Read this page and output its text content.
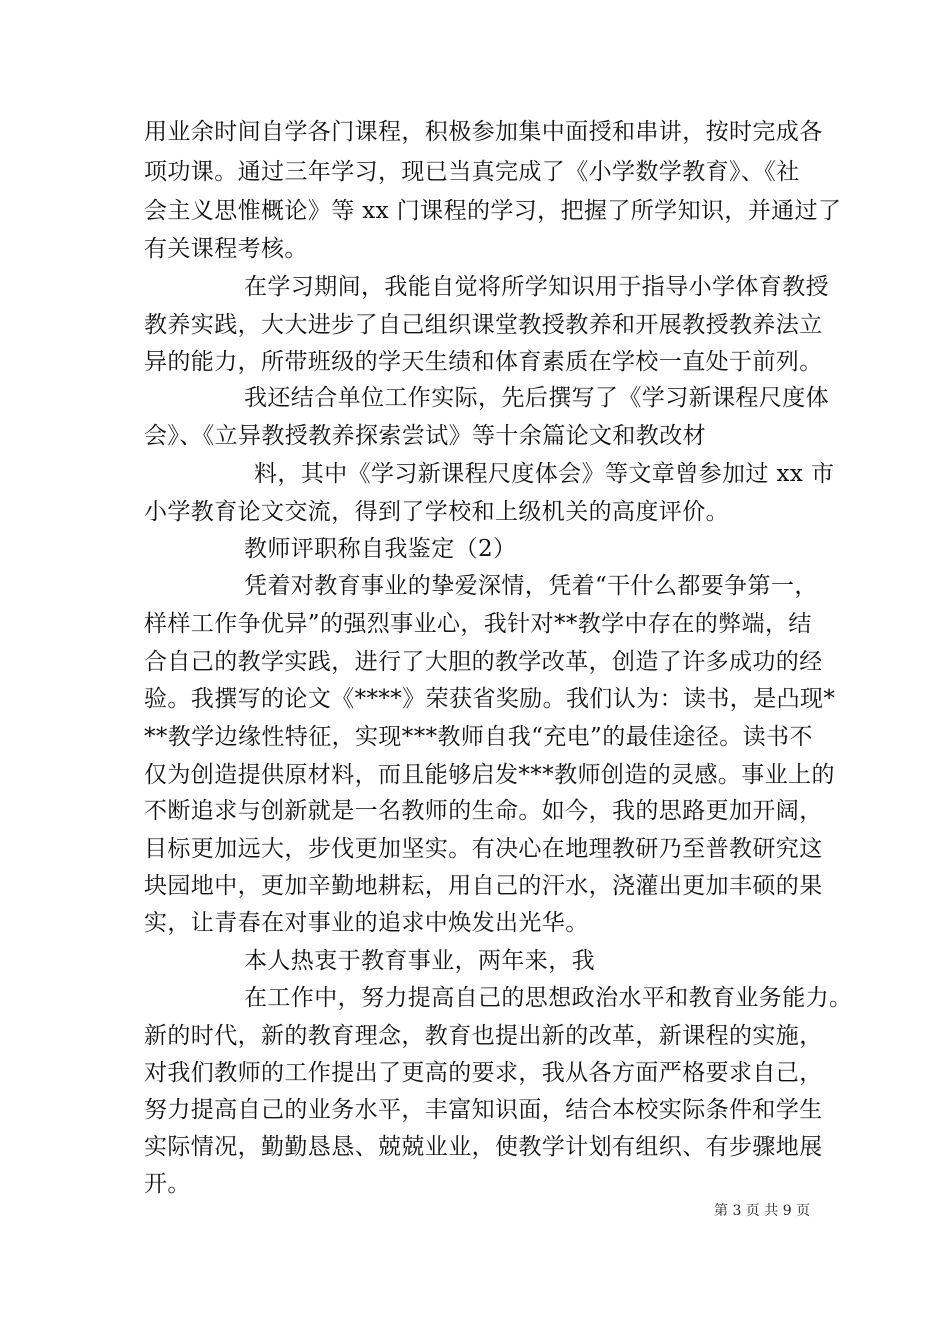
用业余时间自学各门课程，积极参加集中面授和串讲，按时完成各
项功课。通过三年学习，现已当真完成了《小学数学教育》、《社
会主义思惟概论》等 xx 门课程的学习，把握了所学知识，并通过了
有关课程考核。
在学习期间，我能自觉将所学知识用于指导小学体育教授
教养实践，大大进步了自己组织课堂教授教养和开展教授教养法立
异的能力，所带班级的学天生绩和体育素质在学校一直处于前列。
我还结合单位工作实际，先后撰写了《学习新课程尺度体
会》、《立异教授教养探索尝试》等十余篇论文和教改材
料，其中《学习新课程尺度体会》等文章曾参加过 xx 市
小学教育论文交流，得到了学校和上级机关的高度评价。
教师评职称自我鉴定（2）
凭着对教育事业的挚爱深情，凭着“干什么都要争第一，
样样工作争优异”的强烈事业心，我针对**教学中存在的弊端，结
合自己的教学实践，进行了大胆的教学改革，创造了许多成功的经
验。我撰写的论文《****》荣获省奖励。我们认为：读书，是凸现*
**教学边缘性特征，实现***教师自我“充电”的最佳途径。读书不
仅为创造提供原材料，而且能够启发***教师创造的灵感。事业上的
不断追求与创新就是一名教师的生命。如今，我的思路更加开阔，
目标更加远大，步伐更加坚实。有决心在地理教研乃至普教研究这
块园地中，更加辛勤地耕耘，用自己的汗水，浇灌出更加丰硕的果
实，让青春在对事业的追求中焕发出光华。
本人热衷于教育事业，两年来，我
在工作中，努力提高自己的思想政治水平和教育业务能力。
新的时代，新的教育理念，教育也提出新的改革，新课程的实施，
对我们教师的工作提出了更高的要求，我从各方面严格要求自己，
努力提高自己的业务水平，丰富知识面，结合本校实际条件和学生
实际情况，勤勤恳恳、兢兢业业，使教学计划有组织、有步骤地展
开。
第 3 页 共 9 页
